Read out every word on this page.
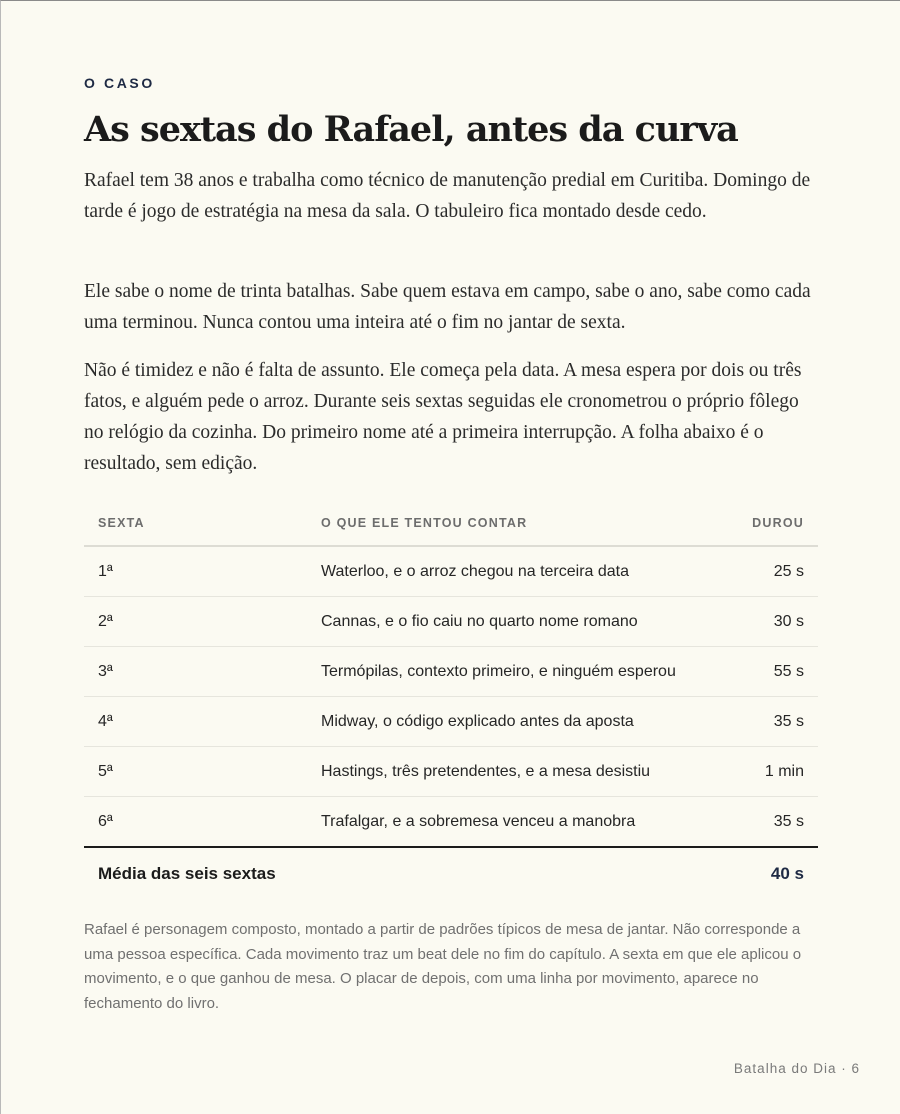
O CASO
As sextas do Rafael, antes da curva

Rafael tem 38 anos e trabalha como técnico de manutenção predial em Curitiba. Domingo de tarde é jogo de estratégia na mesa da sala. O tabuleiro fica montado desde cedo.

Ele sabe o nome de trinta batalhas. Sabe quem estava em campo, sabe o ano, sabe como cada uma terminou. Nunca contou uma inteira até o fim no jantar de sexta.

Não é timidez e não é falta de assunto. Ele começa pela data. A mesa espera por dois ou três fatos, e alguém pede o arroz. Durante seis sextas seguidas ele cronometrou o próprio fôlego no relógio da cozinha. Do primeiro nome até a primeira interrupção. A folha abaixo é o resultado, sem edição.

SEXTA	O QUE ELE TENTOU CONTAR	DUROU
1ª	Waterloo, e o arroz chegou na terceira data	25 s
2ª	Cannas, e o fio caiu no quarto nome romano	30 s
3ª	Termópilas, contexto primeiro, e ninguém esperou	55 s
4ª	Midway, o código explicado antes da aposta	35 s
5ª	Hastings, três pretendentes, e a mesa desistiu	1 min
6ª	Trafalgar, e a sobremesa venceu a manobra	35 s
Média das seis sextas		40 s

Rafael é personagem composto, montado a partir de padrões típicos de mesa de jantar. Não corresponde a uma pessoa específica. Cada movimento traz um beat dele no fim do capítulo. A sexta em que ele aplicou o movimento, e o que ganhou de mesa. O placar de depois, com uma linha por movimento, aparece no fechamento do livro.

Batalha do Dia · 6
